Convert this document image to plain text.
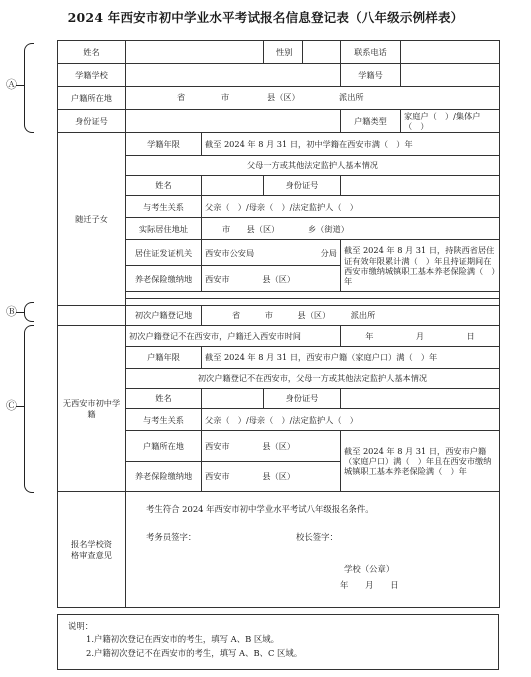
2024 年西安市初中学业水平考试报名信息登记表（八年级示例样表）
Ⓐ
Ⓑ
Ⓒ
姓名			性别	联系电话	
学籍学校				学籍号	
户籍所在地	省 市 县（区） 派出所				

身份证号				户籍类型	家庭户（　）/集体户（　）
随迁子女	学籍年限	截至 2024 年 8 月 31 日，初中学籍在西安市满（　）年			
	父母一方或其他法定监护人基本情况				
	姓名		身份证号		
	与考生关系	父亲（　）/母亲（　）/法定监护人（　）			
	实际居住地址	市　　县（区）　　　　乡（街道）			
	居住证发证机关	西安市公安局 分局		截至 2024 年 8 月 31 日，持陕西省居住证有效年限累计满（　）年且持证期间在西安市缴纳城镇职工基本养老保险满（　）年	
	养老保险缴纳地	西安市　　　　县（区）			

	初次户籍登记地	省　　　市　　　县（区）　　　派出所			
无西安市初中学籍	初次户籍登记不在西安市，户籍迁入西安市时间			年 月 日	

	户籍年限	截至 2024 年 8 月 31 日，西安市户籍（家庭户口）满（　）年			
	初次户籍登记不在西安市，父母一方或其他法定监护人基本情况				
	姓名		身份证号		
	与考生关系	父亲（　）/母亲（　）/法定监护人（　）			
	户籍所在地	西安市　　　　县（区）		截至 2024 年 8 月 31 日，西安市户籍（家庭户口）满（　）年且在西安市缴纳城镇职工基本养老保险满（　）年	
	养老保险缴纳地	西安市　　　　县（区）			
报名学校资格审查意见	考生符合 2024 年西安市初中学业水平考试八年级报名条件。
考务员签字： 校长签字：
学校（公章）
年　　月　　日				
说明：
1.户籍初次登记在西安市的考生，填写 A、B 区域。
2.户籍初次登记不在西安市的考生，填写 A、B、C 区域。
